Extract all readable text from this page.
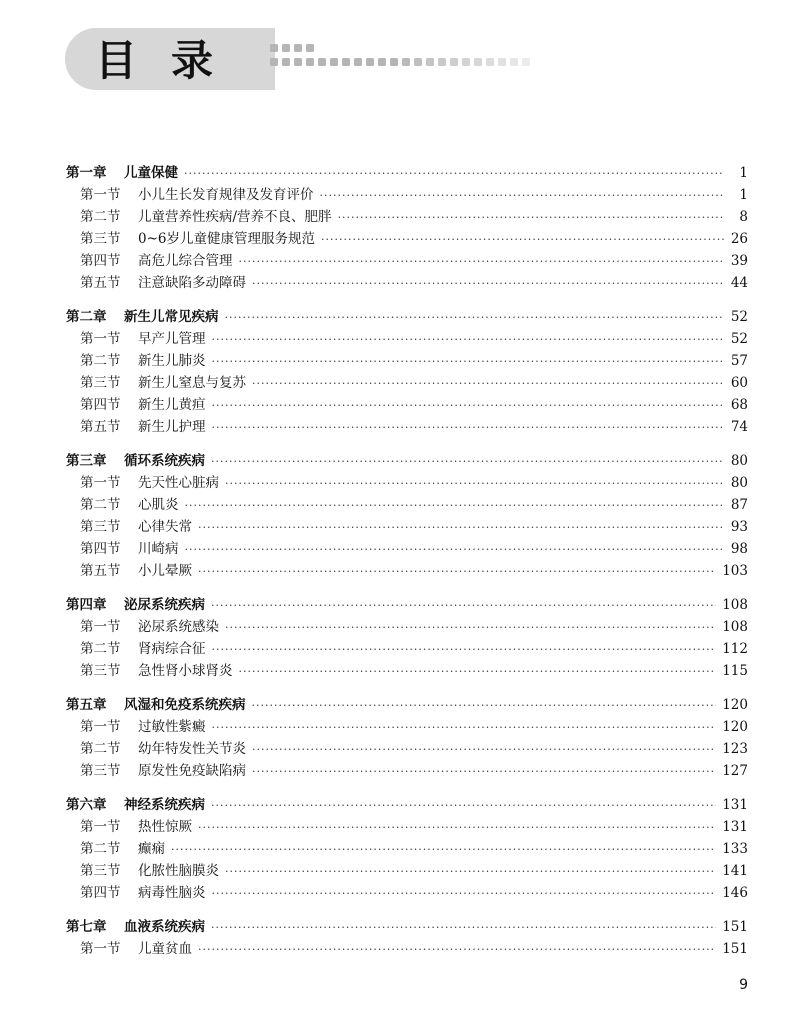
目录
第一章	儿童保健 ·····	1
第一节	小儿生长发育规律及发育评价 ·····	1
第二节	儿童营养性疾病/营养不良、肥胖 ·····	8
第三节	0~6岁儿童健康管理服务规范 ·····	26
第四节	高危儿综合管理 ·····	39
第五节	注意缺陷多动障碍 ·····	44
第二章	新生儿常见疾病 ·····	52
第一节	早产儿管理 ·····	52
第二节	新生儿肺炎 ·····	57
第三节	新生儿窒息与复苏 ·····	60
第四节	新生儿黄疸 ·····	68
第五节	新生儿护理 ·····	74
第三章	循环系统疾病 ·····	80
第一节	先天性心脏病 ·····	80
第二节	心肌炎 ·····	87
第三节	心律失常 ·····	93
第四节	川崎病 ·····	98
第五节	小儿晕厥 ·····	103
第四章	泌尿系统疾病 ·····	108
第一节	泌尿系统感染 ·····	108
第二节	肾病综合征 ·····	112
第三节	急性肾小球肾炎 ·····	115
第五章	风湿和免疫系统疾病 ·····	120
第一节	过敏性紫癜 ·····	120
第二节	幼年特发性关节炎 ·····	123
第三节	原发性免疫缺陷病 ·····	127
第六章	神经系统疾病 ·····	131
第一节	热性惊厥 ·····	131
第二节	癫痫 ·····	133
第三节	化脓性脑膜炎 ·····	141
第四节	病毒性脑炎 ·····	146
第七章	血液系统疾病 ·····	151
第一节	儿童贫血 ·····	151
9
